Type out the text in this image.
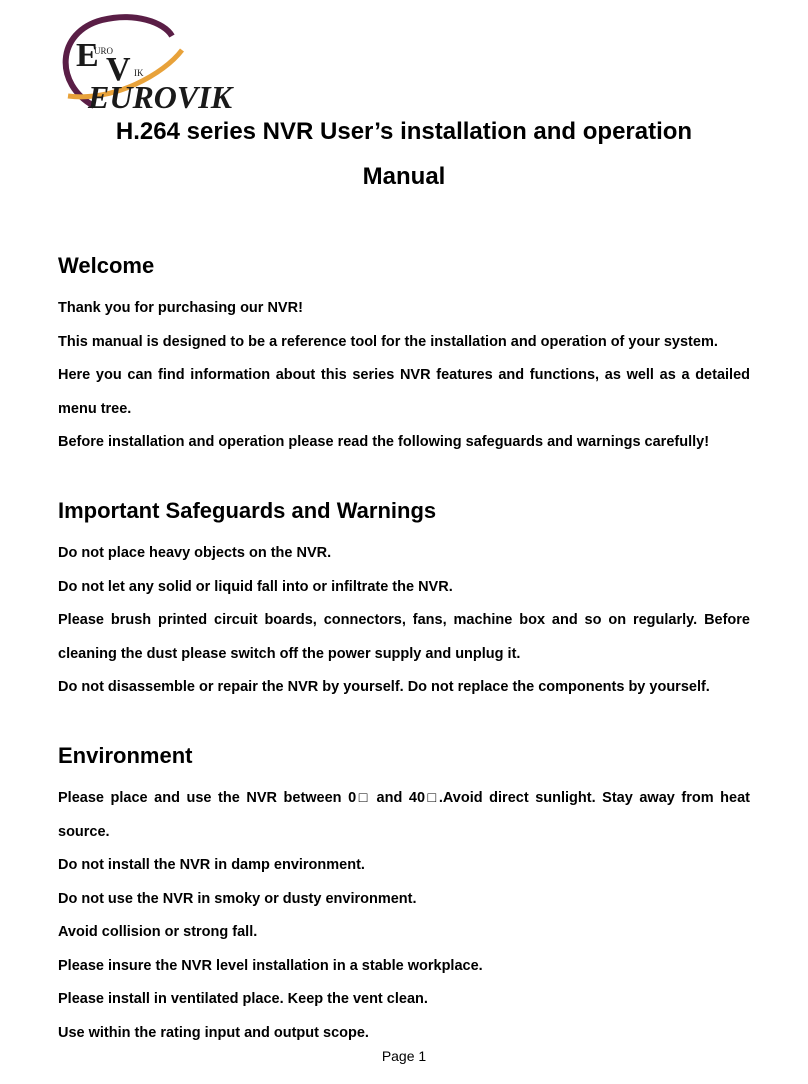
E V
URO
IK
EUROVIK
H.264 series NVR User’s installation and operation
Manual
Welcome

Thank you for purchasing our NVR!

This manual is designed to be a reference tool for the installation and operation of your system.

Here you can find information about this series NVR features and functions, as well as a detailed menu tree.

Before installation and operation please read the following safeguards and warnings carefully!

Important Safeguards and Warnings

Do not place heavy objects on the NVR.

Do not let any solid or liquid fall into or infiltrate the NVR.

Please brush printed circuit boards, connectors, fans, machine box and so on regularly. Before cleaning the dust please switch off the power supply and unplug it.

Do not disassemble or repair the NVR by yourself. Do not replace the components by yourself.

Environment

Please place and use the NVR between 0□ and 40□.Avoid direct sunlight. Stay away from heat source.

Do not install the NVR in damp environment.

Do not use the NVR in smoky or dusty environment.

Avoid collision or strong fall.

Please insure the NVR level installation in a stable workplace.

Please install in ventilated place. Keep the vent clean.

Use within the rating input and output scope.

Page 1
